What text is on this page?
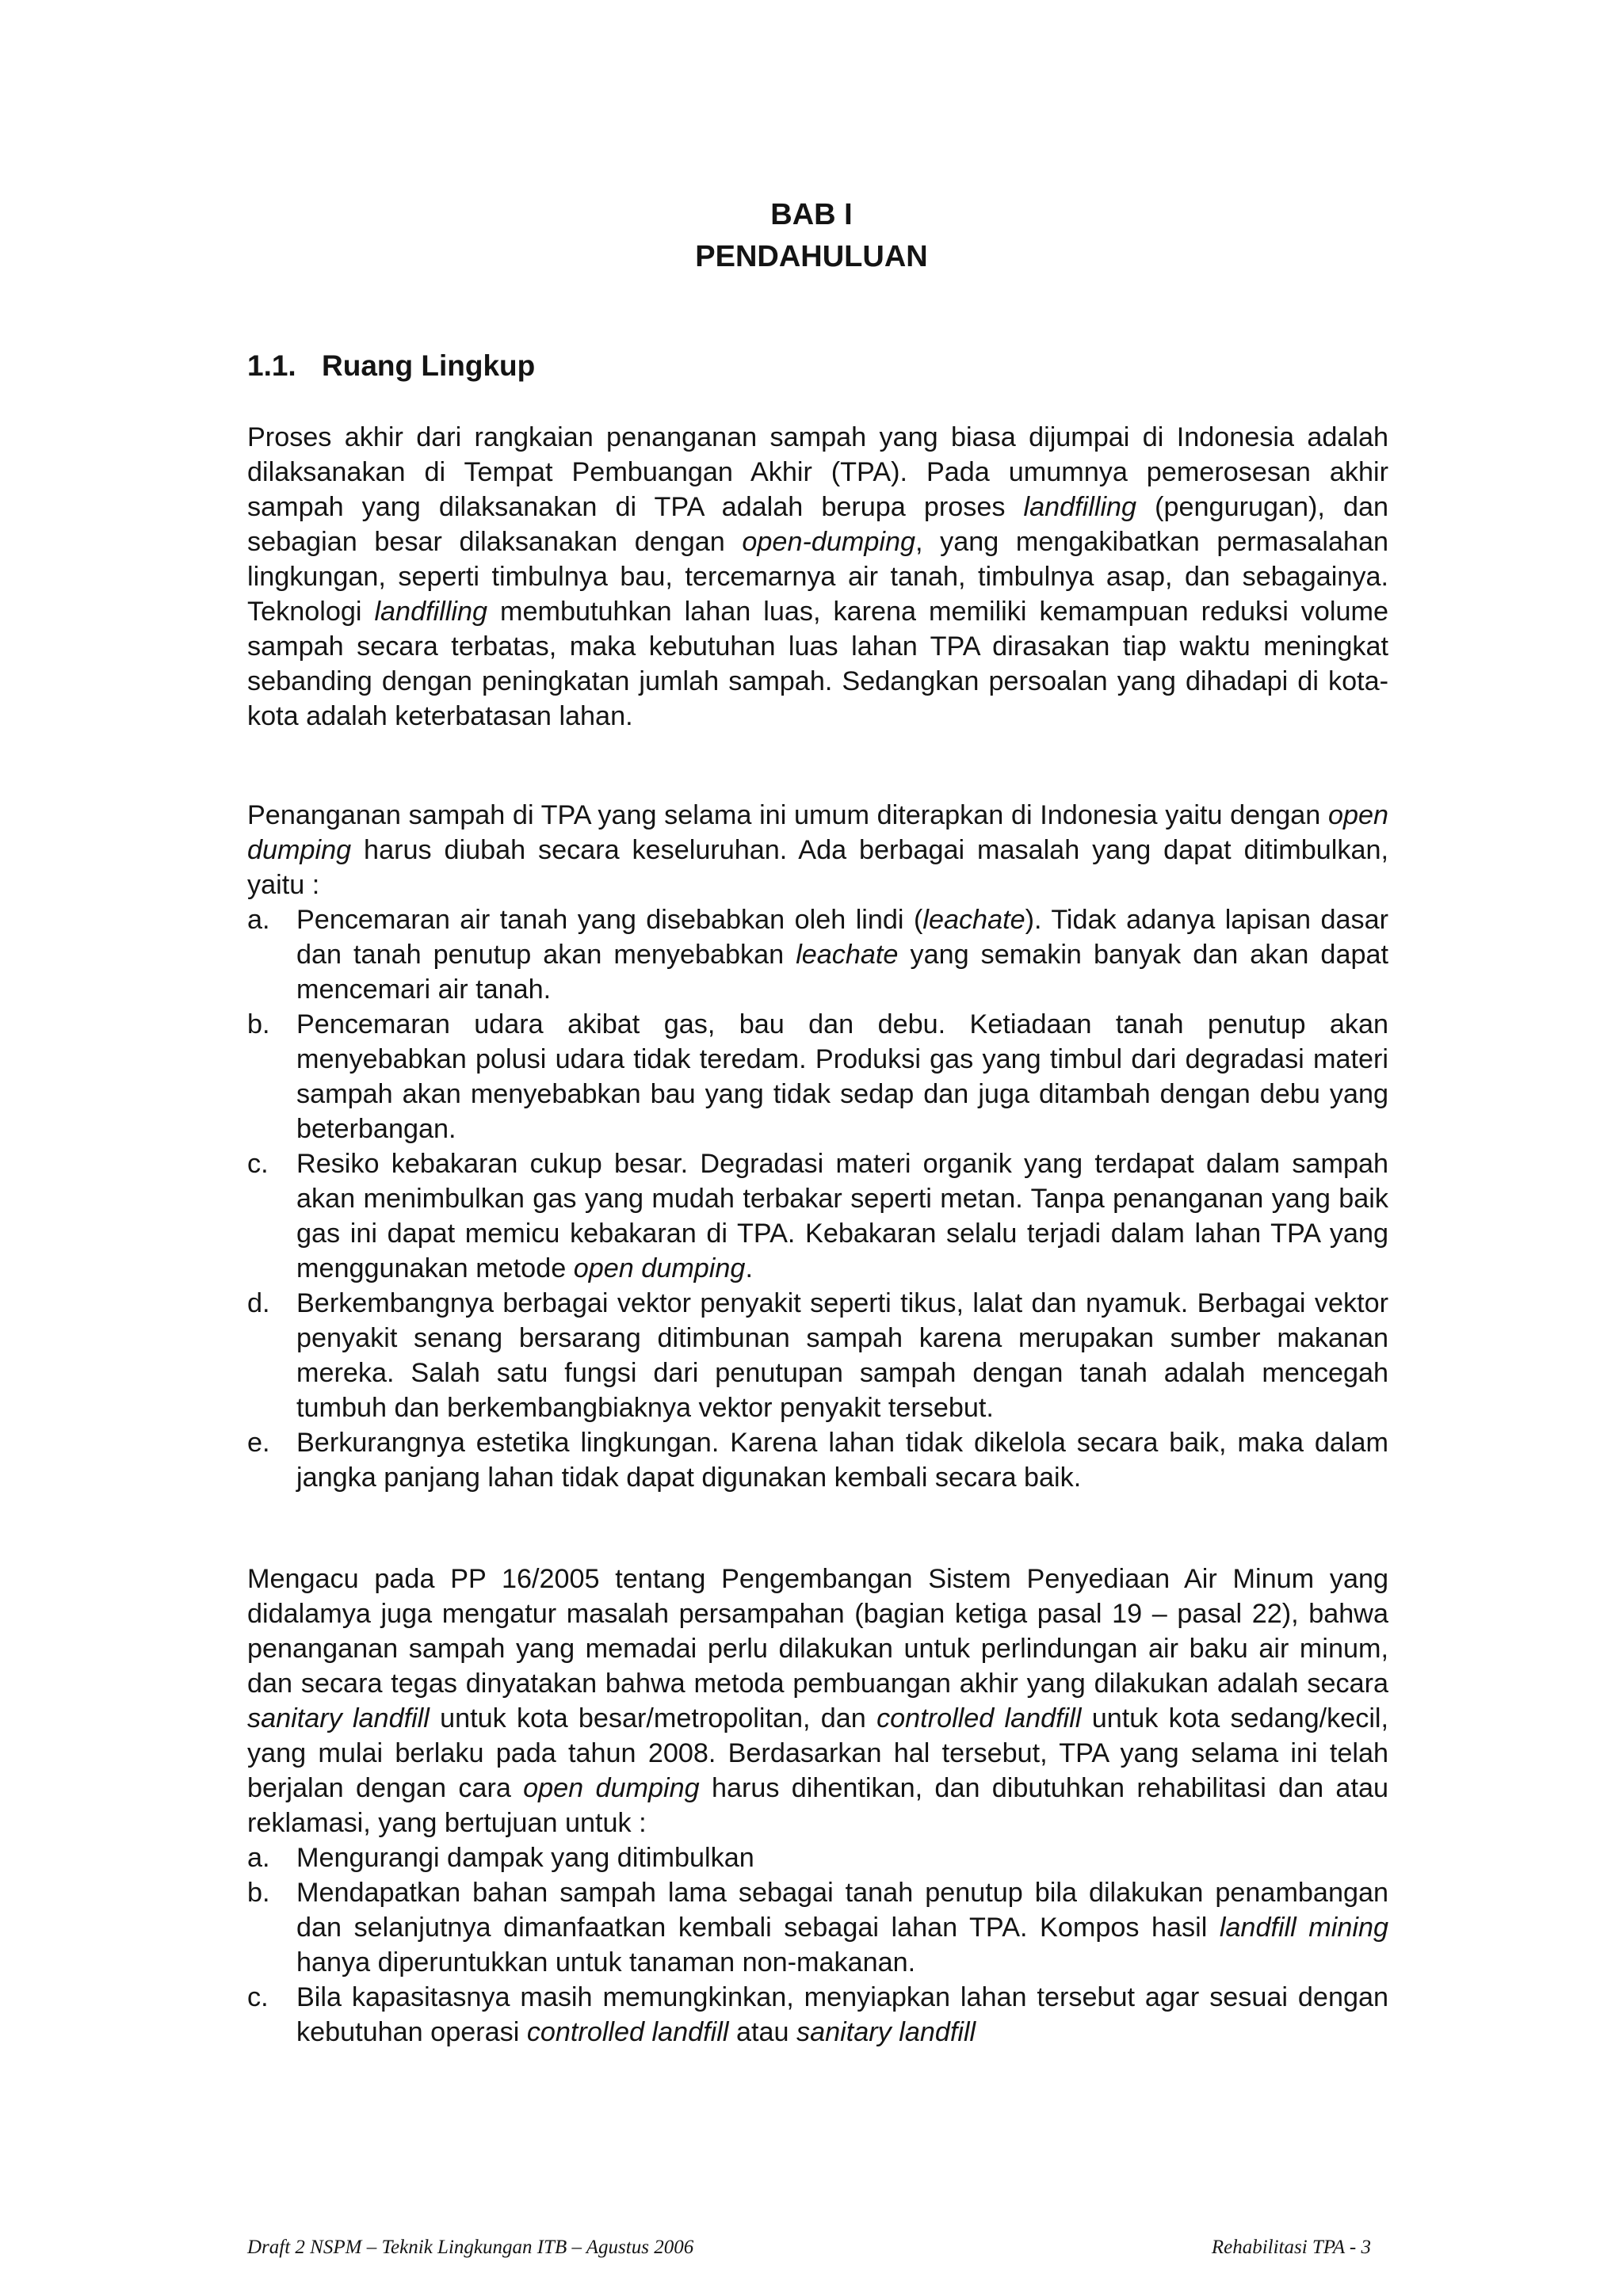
BAB I
PENDAHULUAN
1.1. Ruang Lingkup

Proses akhir dari rangkaian penanganan sampah yang biasa dijumpai di Indonesia adalah dilaksanakan di Tempat Pembuangan Akhir (TPA). Pada umumnya pemerosesan akhir sampah yang dilaksanakan di TPA adalah berupa proses landfilling (pengurugan), dan sebagian besar dilaksanakan dengan open-dumping, yang mengakibatkan permasalahan lingkungan, seperti timbulnya bau, tercemarnya air tanah, timbulnya asap, dan sebagainya. Teknologi landfilling membutuhkan lahan luas, karena memiliki kemampuan reduksi volume sampah secara terbatas, maka kebutuhan luas lahan TPA dirasakan tiap waktu meningkat sebanding dengan peningkatan jumlah sampah. Sedangkan persoalan yang dihadapi di kota-kota adalah keterbatasan lahan.

Penanganan sampah di TPA yang selama ini umum diterapkan di Indonesia yaitu dengan open dumping harus diubah secara keseluruhan. Ada berbagai masalah yang dapat ditimbulkan, yaitu :

a. Pencemaran air tanah yang disebabkan oleh lindi (leachate). Tidak adanya lapisan dasar dan tanah penutup akan menyebabkan leachate yang semakin banyak dan akan dapat mencemari air tanah.
b. Pencemaran udara akibat gas, bau dan debu. Ketiadaan tanah penutup akan menyebabkan polusi udara tidak teredam. Produksi gas yang timbul dari degradasi materi sampah akan menyebabkan bau yang tidak sedap dan juga ditambah dengan debu yang beterbangan.
c. Resiko kebakaran cukup besar. Degradasi materi organik yang terdapat dalam sampah akan menimbulkan gas yang mudah terbakar seperti metan. Tanpa penanganan yang baik gas ini dapat memicu kebakaran di TPA. Kebakaran selalu terjadi dalam lahan TPA yang menggunakan metode open dumping.
d. Berkembangnya berbagai vektor penyakit seperti tikus, lalat dan nyamuk. Berbagai vektor penyakit senang bersarang ditimbunan sampah karena merupakan sumber makanan mereka. Salah satu fungsi dari penutupan sampah dengan tanah adalah mencegah tumbuh dan berkembangbiaknya vektor penyakit tersebut.
e. Berkurangnya estetika lingkungan. Karena lahan tidak dikelola secara baik, maka dalam jangka panjang lahan tidak dapat digunakan kembali secara baik.

Mengacu pada PP 16/2005 tentang Pengembangan Sistem Penyediaan Air Minum yang didalamya juga mengatur masalah persampahan (bagian ketiga pasal 19 – pasal 22), bahwa penanganan sampah yang memadai perlu dilakukan untuk perlindungan air baku air minum, dan secara tegas dinyatakan bahwa metoda pembuangan akhir yang dilakukan adalah secara sanitary landfill untuk kota besar/metropolitan, dan controlled landfill untuk kota sedang/kecil, yang mulai berlaku pada tahun 2008. Berdasarkan hal tersebut, TPA yang selama ini telah berjalan dengan cara open dumping harus dihentikan, dan dibutuhkan rehabilitasi dan atau reklamasi, yang bertujuan untuk :

a. Mengurangi dampak yang ditimbulkan
b. Mendapatkan bahan sampah lama sebagai tanah penutup bila dilakukan penambangan dan selanjutnya dimanfaatkan kembali sebagai lahan TPA. Kompos hasil landfill mining hanya diperuntukkan untuk tanaman non-makanan.
c. Bila kapasitasnya masih memungkinkan, menyiapkan lahan tersebut agar sesuai dengan kebutuhan operasi controlled landfill atau sanitary landfill
Draft 2 NSPM – Teknik Lingkungan ITB – Agustus 2006	Rehabilitasi TPA - 3
